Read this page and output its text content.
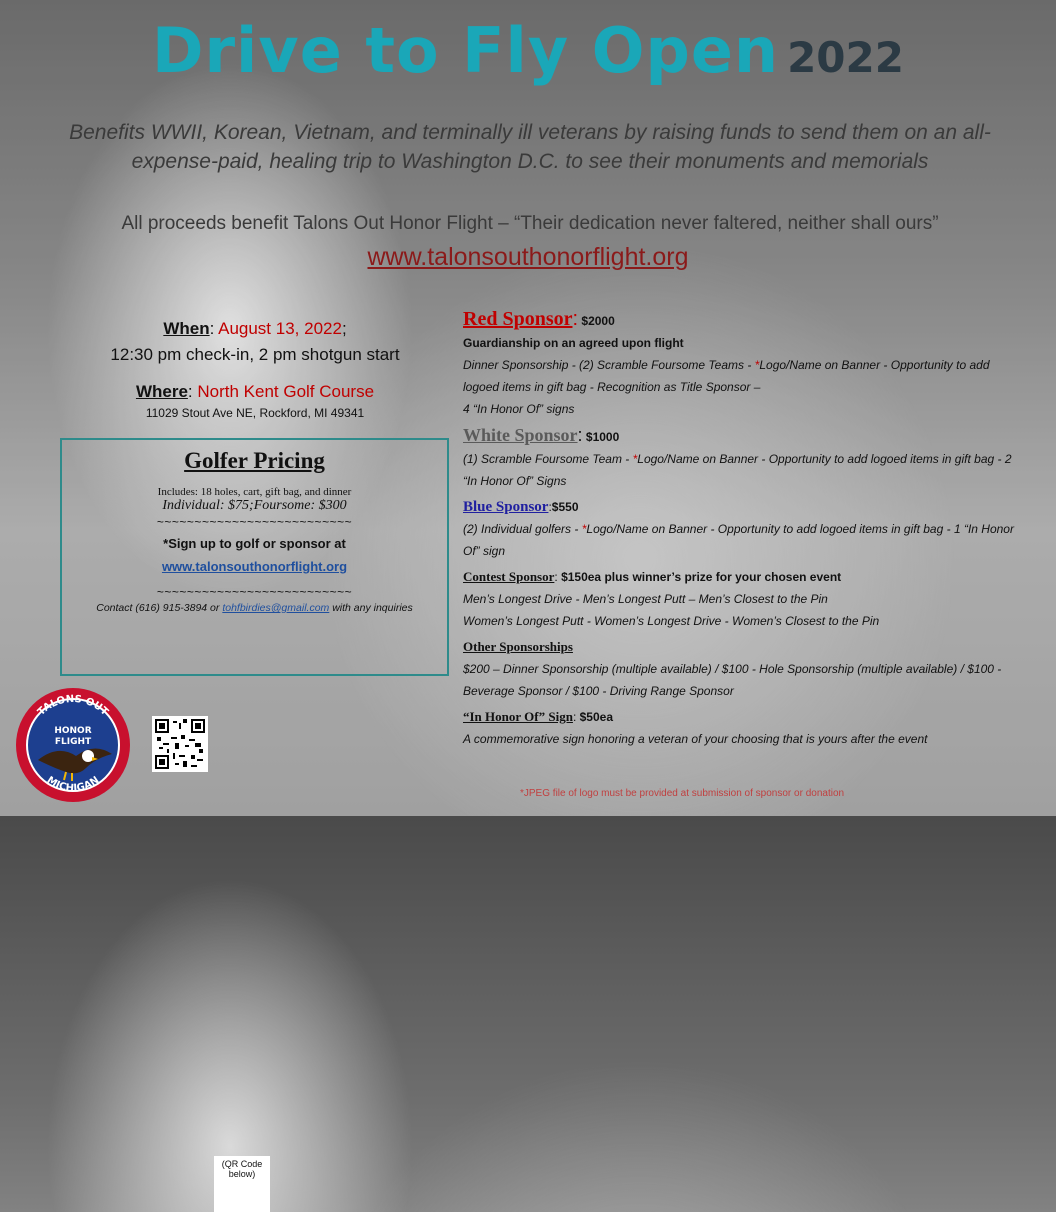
Drive to Fly Open 2022
Benefits WWII, Korean, Vietnam, and terminally ill veterans by raising funds to send them on an all-expense-paid, healing trip to Washington D.C. to see their monuments and memorials
All proceeds benefit Talons Out Honor Flight – “Their dedication never faltered, neither shall ours”
www.talonsouthonorflight.org
When: August 13, 2022;
12:30 pm check-in, 2 pm shotgun start
Where: North Kent Golf Course
11029 Stout Ave NE, Rockford, MI 49341
Golfer Pricing
Includes: 18 holes, cart, gift bag, and dinner
Individual: $75;Foursome: $300
~~~~~~~~~~~~~~~~~~~~~~~~~~
*Sign up to golf or sponsor at
www.talonsouthonorflight.org
(QR Code below)
~~~~~~~~~~~~~~~~~~~~~~~~~~
Contact (616) 915-3894 or tohfbirdies@gmail.com with any inquiries
Red Sponsor: $2000
Guardianship on an agreed upon flight
Dinner Sponsorship - (2) Scramble Foursome Teams - *Logo/Name on Banner - Opportunity to add logoed items in gift bag - Recognition as Title Sponsor –
4 “In Honor Of” signs
White Sponsor: $1000
(1) Scramble Foursome Team - *Logo/Name on Banner - Opportunity to add logoed items in gift bag - 2 “In Honor Of” Signs
Blue Sponsor:$550
(2) Individual golfers - *Logo/Name on Banner - Opportunity to add logoed items in gift bag - 1 “In Honor Of” sign
Contest Sponsor: $150ea plus winner’s prize for your chosen event
Men’s Longest Drive - Men’s Longest Putt – Men’s Closest to the Pin
Women’s Longest Putt - Women’s Longest Drive - Women’s Closest to the Pin
Other Sponsorships
$200 – Dinner Sponsorship (multiple available) / $100 - Hole Sponsorship (multiple available) / $100 - Beverage Sponsor / $100 - Driving Range Sponsor
“In Honor Of” Sign: $50ea
A commemorative sign honoring a veteran of your choosing that is yours after the event
TALONS OUT
MICHIGAN
HONOR
FLIGHT
*JPEG file of logo must be provided at submission of sponsor or donation
